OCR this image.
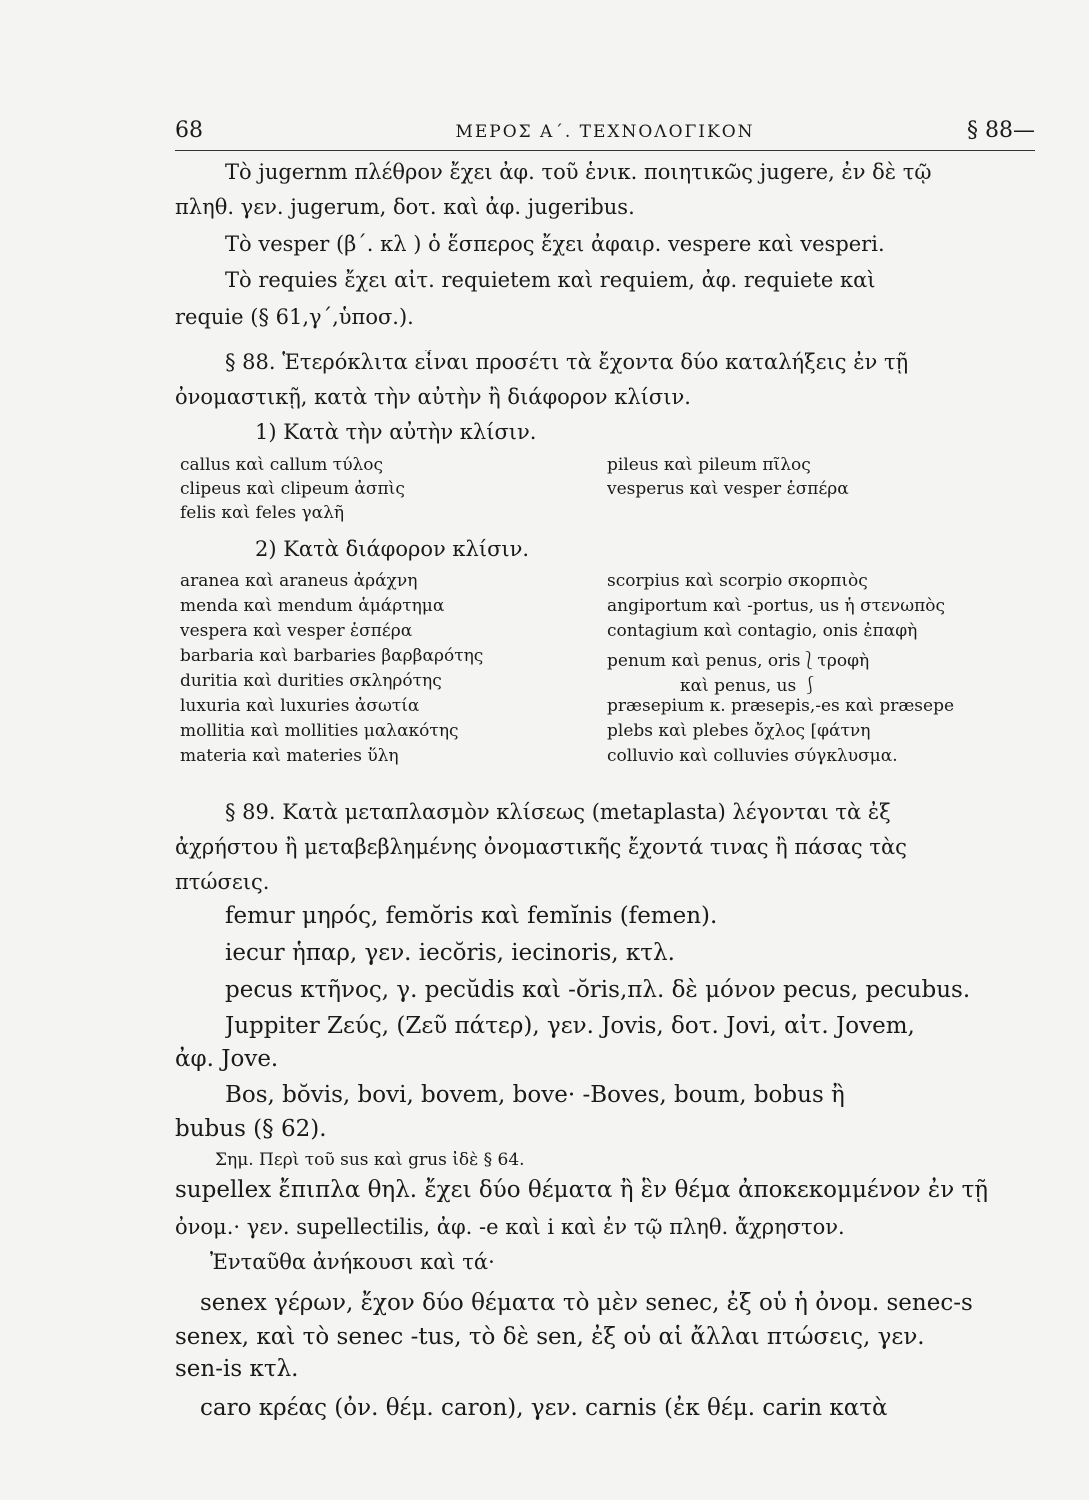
68	ΜΕΡΟΣ Α΄. ΤΕΧΝΟΛΟΓΙΚΟΝ	§ 88—
Τὸ jugernm πλέθρον ἔχει ἀφ. τοῦ ἑνικ. ποιητικῶς jugere, ἐν δὲ τῷ
πληθ. γεν. jugerum, δοτ. καὶ ἀφ. jugeribus.
Τὸ vesper (β΄. κλ ) ὁ ἕσπερος ἔχει ἀφαιρ. vespere καὶ vesperi.
Τὸ requies ἔχει αἰτ. requietem καὶ requiem, ἀφ. requiete καὶ
requie (§ 61,γ΄,ὑποσ.).
§ 88. Ἑτερόκλιτα εἶναι προσέτι τὰ ἔχοντα δύο καταλήξεις ἐν τῇ
ὀνομαστικῇ, κατὰ τὴν αὐτὴν ἢ διάφορον κλίσιν.
1) Κατὰ τὴν αὐτὴν κλίσιν.
callus καὶ callum τύλος
clipeus καὶ clipeum ἀσπὶς
felis καὶ feles γαλῆ
pileus καὶ pileum πῖλος
vesperus καὶ vesper ἑσπέρα
2) Κατὰ διάφορον κλίσιν.
aranea καὶ araneus ἀράχνη
menda καὶ mendum ἁμάρτημα
vespera καὶ vesper ἑσπέρα
barbaria καὶ barbaries βαρβαρότης
duritia καὶ durities σκληρότης
luxuria καὶ luxuries ἀσωτία
mollitia καὶ mollities μαλακότης
materia καὶ materies ὕλη
scorpius καὶ scorpio σκορπιὸς
angiportum καὶ -portus, us ἡ στενωπὸς
contagium καὶ contagio, onis ἐπαφὴ
penum καὶ penus, oris⎱τροφὴ
καὶ penus, us ⎰
præsepium κ. præsepis,-es καὶ præsepe
plebs καὶ plebes ὄχλος [φάτνη
colluvio καὶ colluvies σύγκλυσμα.
§ 89. Κατὰ μεταπλασμὸν κλίσεως (metaplasta) λέγονται τὰ ἐξ
ἀχρήστου ἢ μεταβεβλημένης ὀνομαστικῆς ἔχοντά τινας ἢ πάσας τὰς
πτώσεις.
femur μηρός, femŏris καὶ femĭnis (femen).
iecur ἧπαρ, γεν. iecŏris, iecinoris, κτλ.
pecus κτῆνος, γ. pecŭdis καὶ -ŏris,πλ. δὲ μόνον pecus, pecubus.
Juppiter Ζεύς, (Ζεῦ πάτερ), γεν. Jovis, δοτ. Jovi, αἰτ. Jovem,
ἀφ. Jove.
Bos, bŏvis, bovi, bovem, bove· -Boves, boum, bobus ἢ
bubus (§ 62).
Σημ. Περὶ τοῦ sus καὶ grus ἰδὲ § 64.
supellex ἔπιπλα θηλ. ἔχει δύο θέματα ἢ ἓν θέμα ἀποκεκομμένον ἐν τῇ
ὀνομ.· γεν. supellectilis, ἀφ. -e καὶ i καὶ ἐν τῷ πληθ. ἄχρηστον.
Ἐνταῦθα ἀνήκουσι καὶ τά·
senex γέρων, ἔχον δύο θέματα τὸ μὲν senec, ἐξ οὗ ἡ ὀνομ. senec-s
senex, καὶ τὸ senec -tus, τὸ δὲ sen, ἐξ οὗ αἱ ἄλλαι πτώσεις, γεν.
sen-is κτλ.
caro κρέας (ὀν. θέμ. caron), γεν. carnis (ἐκ θέμ. carin κατὰ
